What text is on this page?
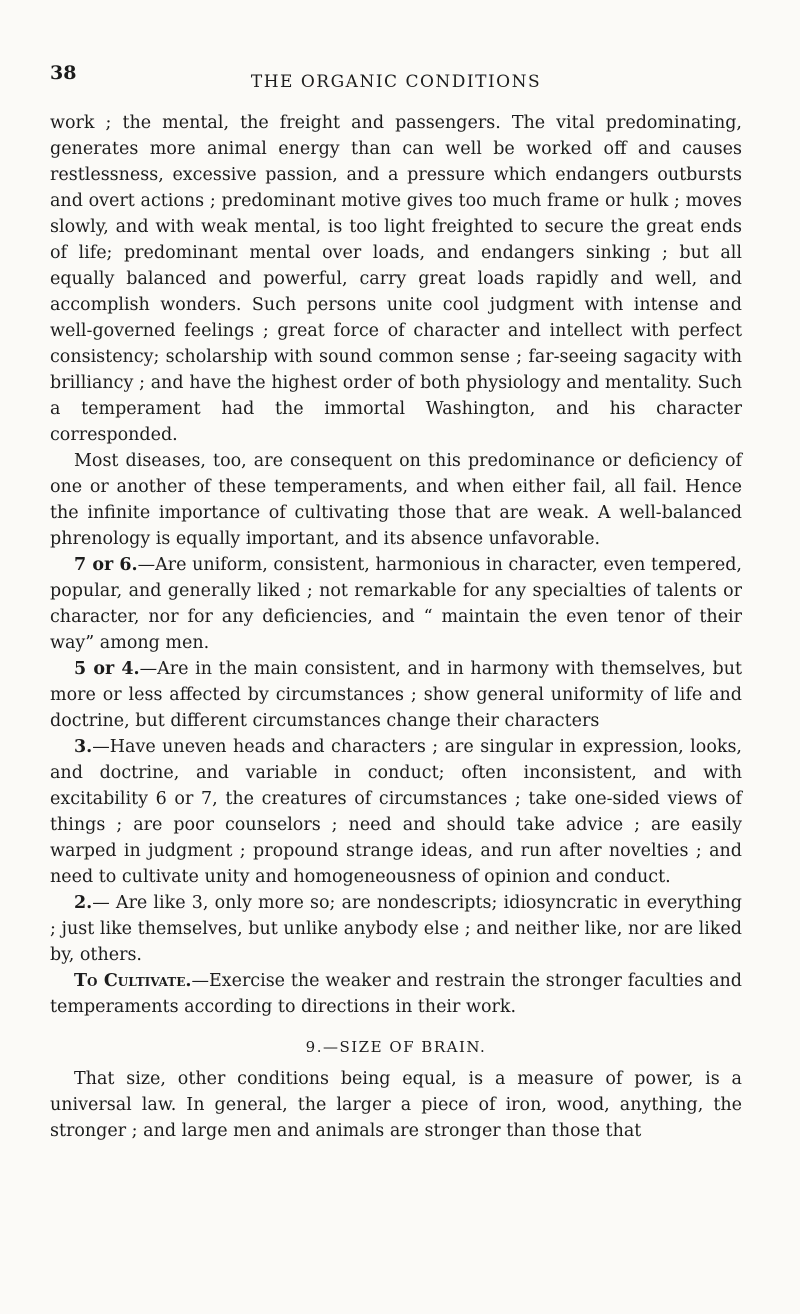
38	THE ORGANIC CONDITIONS

work ; the mental, the freight and passengers. The vital predominating, generates more animal energy than can well be worked off and causes restlessness, excessive passion, and a pressure which endangers outbursts and overt actions ; predominant motive gives too much frame or hulk ; moves slowly, and with weak mental, is too light freighted to secure the great ends of life; predominant mental over loads, and endangers sinking ; but all equally balanced and powerful, carry great loads rapidly and well, and accomplish wonders. Such persons unite cool judgment with intense and well-governed feelings ; great force of character and intellect with perfect consistency; scholarship with sound common sense ; far-seeing sagacity with brilliancy ; and have the highest order of both physiology and mentality. Such a temperament had the immortal Washington, and his character corresponded.

Most diseases, too, are consequent on this predominance or deficiency of one or another of these temperaments, and when either fail, all fail. Hence the infinite importance of cultivating those that are weak. A well-balanced phrenology is equally important, and its absence unfavorable.

7 or 6.—Are uniform, consistent, harmonious in character, even tempered, popular, and generally liked ; not remarkable for any specialties of talents or character, nor for any deficiencies, and “ maintain the even tenor of their way” among men.

5 or 4.—Are in the main consistent, and in harmony with themselves, but more or less affected by circumstances ; show general uniformity of life and doctrine, but different circumstances change their characters

3.—Have uneven heads and characters ; are singular in expression, looks, and doctrine, and variable in conduct; often inconsistent, and with excitability 6 or 7, the creatures of circumstances ; take one-sided views of things ; are poor counselors ; need and should take advice ; are easily warped in judgment ; propound strange ideas, and run after novelties ; and need to cultivate unity and homogeneousness of opinion and conduct.

2.— Are like 3, only more so; are nondescripts; idiosyncratic in everything ; just like themselves, but unlike anybody else ; and neither like, nor are liked by, others.

To Cultivate.—Exercise the weaker and restrain the stronger faculties and temperaments according to directions in their work.

9.—SIZE OF BRAIN.

That size, other conditions being equal, is a measure of power, is a universal law. In general, the larger a piece of iron, wood, anything, the stronger ; and large men and animals are stronger than those that
